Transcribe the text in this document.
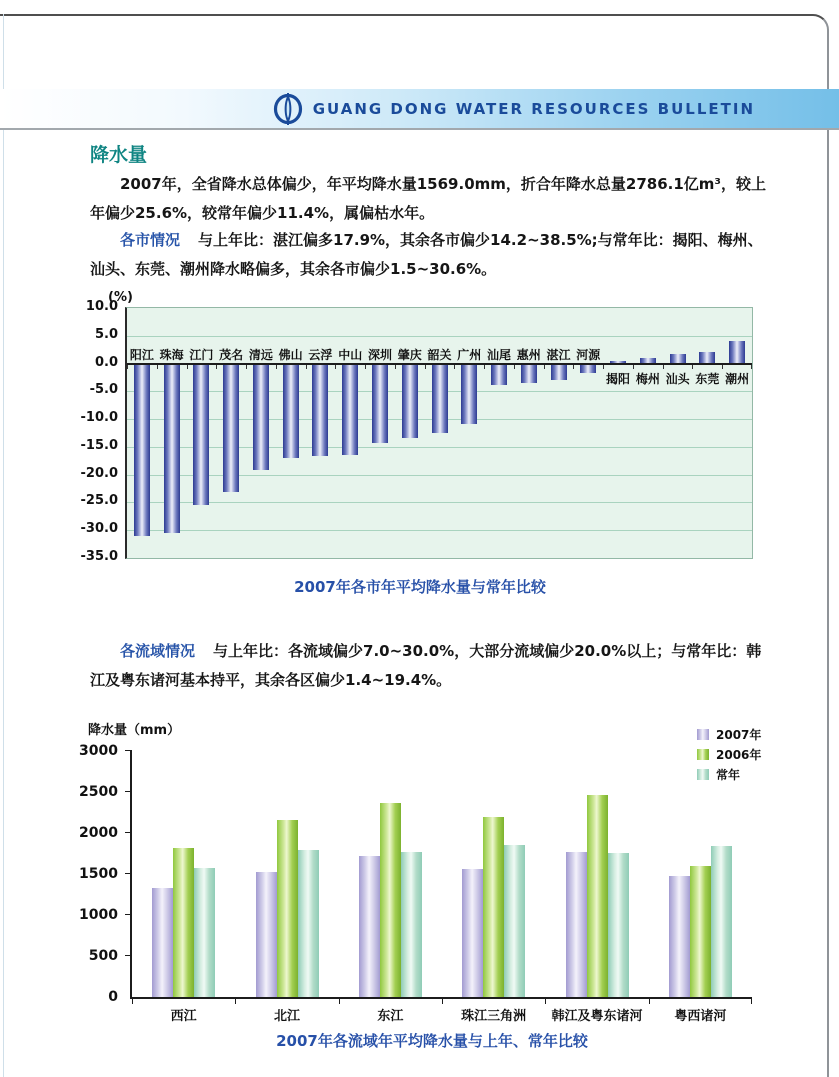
GUANG DONG WATER RESOURCES BULLETIN
降水量

2007年，全省降水总体偏少，年平均降水量1569.0mm，折合年降水总量2786.1亿m³，较上年偏少25.6%，较常年偏少11.4%，属偏枯水年。

各市情况 与上年比：湛江偏多17.9%，其余各市偏少14.2~38.5%;与常年比：揭阳、梅州、汕头、东莞、潮州降水略偏多，其余各市偏少1.5~30.6%。

(%)
10.0
5.0
0.0
-5.0
-10.0
-15.0
-20.0
-25.0
-30.0
-35.0
阳江 珠海 江门 茂名 清远 佛山 云浮 中山 深圳 肇庆 韶关 广州 汕尾 惠州 湛江 河源
揭阳 梅州 汕头 东莞 潮州
2007年各市年平均降水量与常年比较

各流域情况 与上年比：各流域偏少7.0~30.0%，大部分流域偏少20.0%以上；与常年比：韩江及粤东诸河基本持平，其余各区偏少1.4~19.4%。

降水量（mm）
3000
2500
2000
1500
1000
500
0
西江	北江	东江	珠江三角洲	韩江及粤东诸河	粤西诸河
2007年
2006年
常年
2007年各流域年平均降水量与上年、常年比较
